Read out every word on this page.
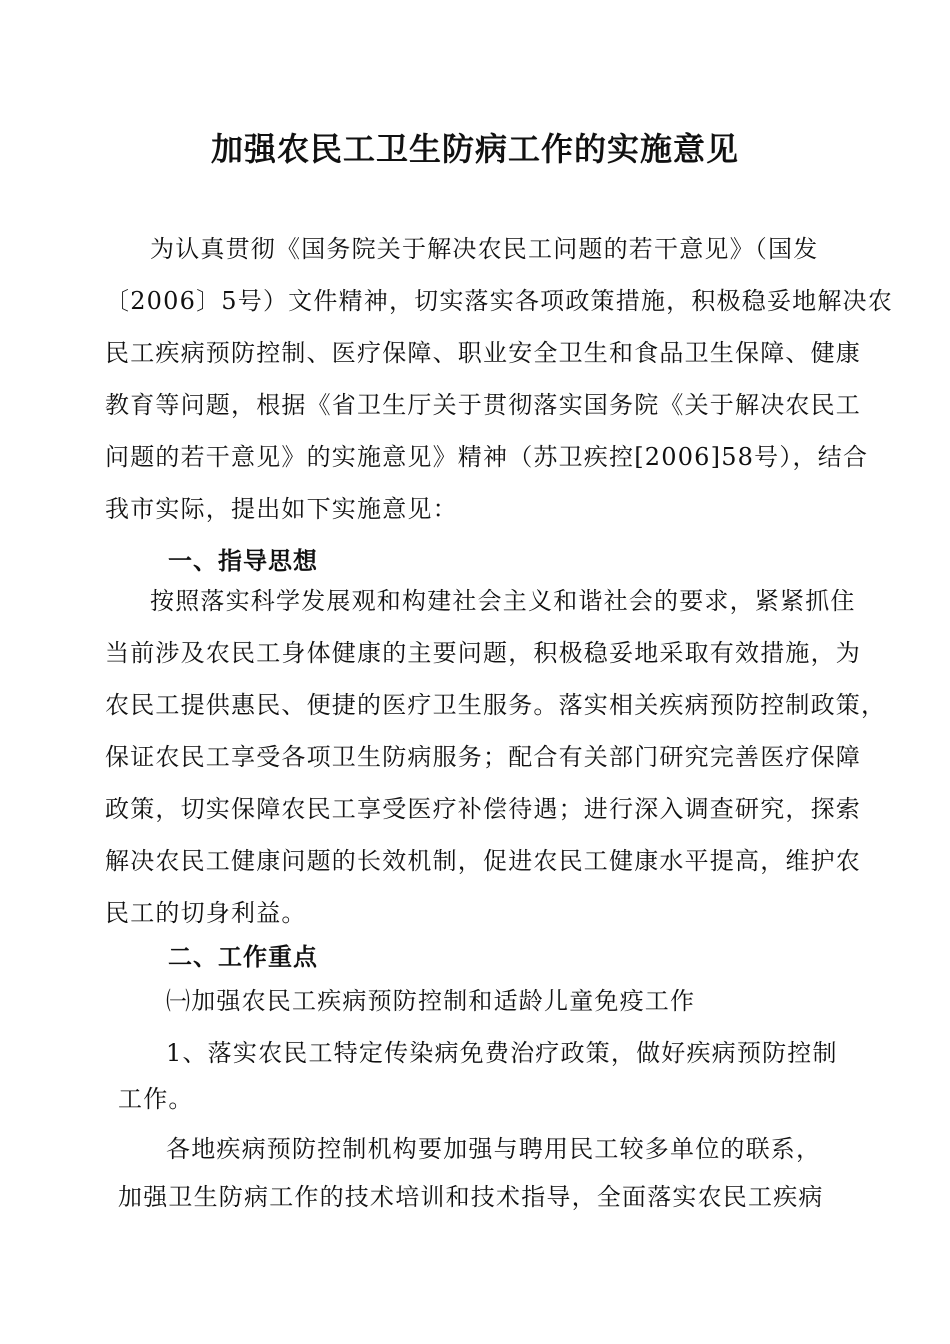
加强农民工卫生防病工作的实施意见
为认真贯彻《国务院关于解决农民工问题的若干意见》（国发
〔2006〕5号）文件精神，切实落实各项政策措施，积极稳妥地解决农
民工疾病预防控制、医疗保障、职业安全卫生和食品卫生保障、健康
教育等问题，根据《省卫生厅关于贯彻落实国务院《关于解决农民工
问题的若干意见》的实施意见》精神（苏卫疾控[2006]58号），结合
我市实际，提出如下实施意见：
一、指导思想
按照落实科学发展观和构建社会主义和谐社会的要求，紧紧抓住
当前涉及农民工身体健康的主要问题，积极稳妥地采取有效措施，为
农民工提供惠民、便捷的医疗卫生服务。落实相关疾病预防控制政策，
保证农民工享受各项卫生防病服务；配合有关部门研究完善医疗保障
政策，切实保障农民工享受医疗补偿待遇；进行深入调查研究，探索
解决农民工健康问题的长效机制，促进农民工健康水平提高，维护农
民工的切身利益。
二、工作重点
㈠加强农民工疾病预防控制和适龄儿童免疫工作
1、落实农民工特定传染病免费治疗政策，做好疾病预防控制
工作。
各地疾病预防控制机构要加强与聘用民工较多单位的联系，
加强卫生防病工作的技术培训和技术指导，全面落实农民工疾病
